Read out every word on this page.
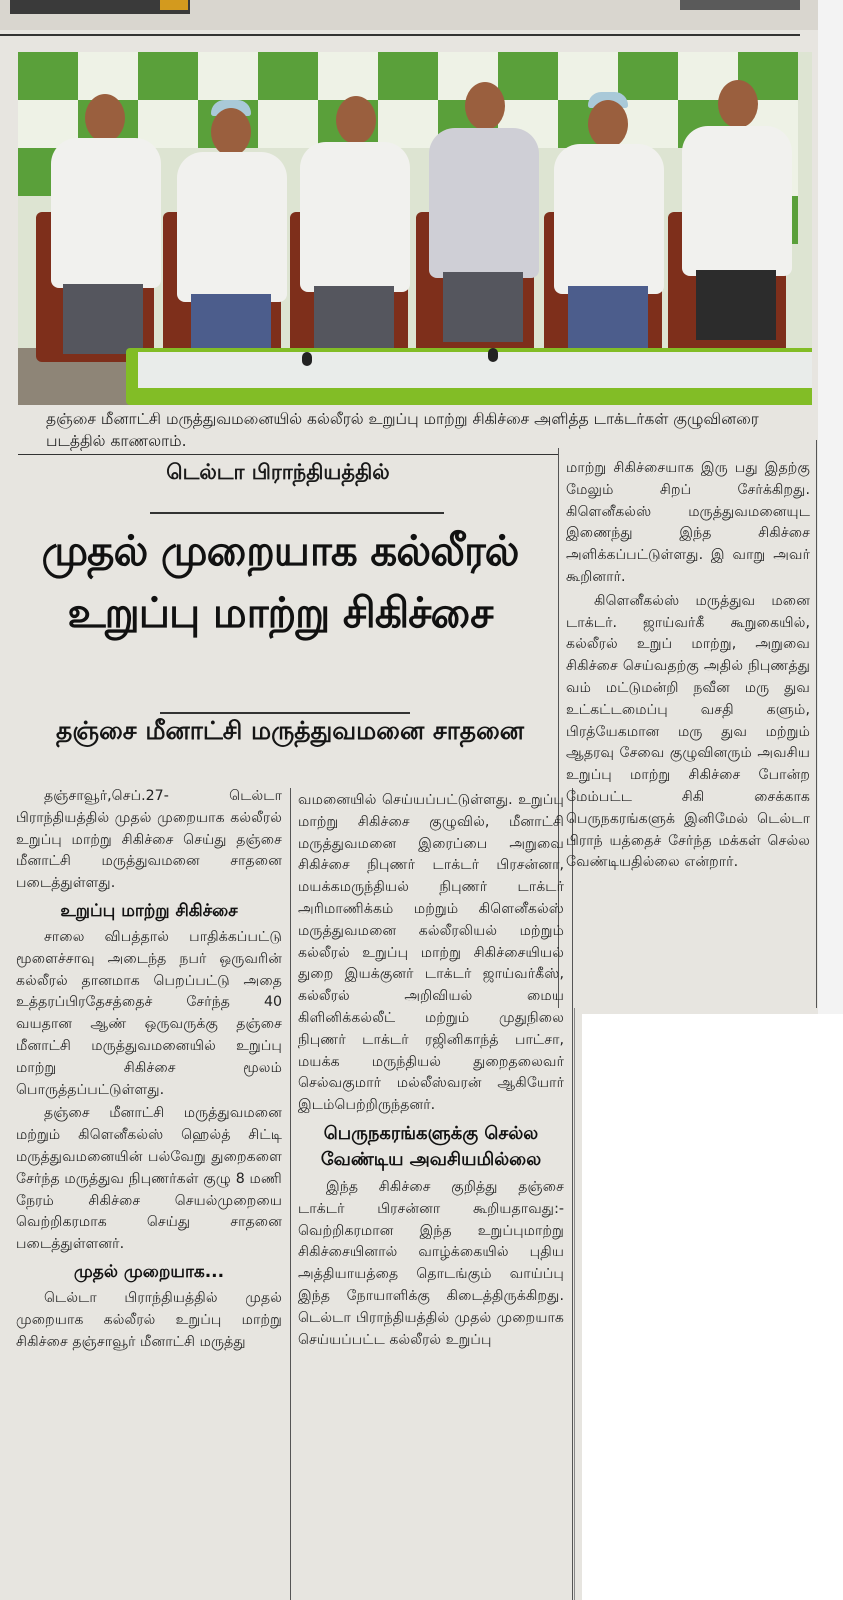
தஞ்சை மீனாட்சி மருத்துவமனையில் கல்லீரல் உறுப்பு மாற்று சிகிச்சை அளித்த டாக்டர்கள் குழுவினரை படத்தில் காணலாம்.
டெல்டா பிராந்தியத்தில்
முதல் முறையாக கல்லீரல்
உறுப்பு மாற்று சிகிச்சை
தஞ்சை மீனாட்சி மருத்துவமனை சாதனை

தஞ்சாவூர்,செப்.27- டெல்டா பிராந்தியத்தில் முதல் முறையாக கல்லீரல் உறுப்பு மாற்று சிகிச்சை செய்து தஞ்சை மீனாட்சி மருத்துவமனை சாதனை படைத்துள்ளது.

உறுப்பு மாற்று சிகிச்சை

சாலை விபத்தால் பாதிக்கப்பட்டு மூளைச்சாவு அடைந்த நபர் ஒருவரின் கல்லீரல் தானமாக பெறப்பட்டு அதை உத்தரப்பிரதேசத்தைச் சேர்ந்த 40 வயதான ஆண் ஒருவருக்கு தஞ்சை மீனாட்சி மருத்துவமனையில் உறுப்பு மாற்று சிகிச்சை மூலம் பொருத்தப்பட்டுள்ளது.

தஞ்சை மீனாட்சி மருத்துவமனை மற்றும் கிளெனீகல்ஸ் ஹெல்த் சிட்டி மருத்துவமனையின் பல்வேறு துறைகளை சேர்ந்த மருத்துவ நிபுணர்கள் குழு 8 மணி நேரம் சிகிச்சை செயல்முறையை வெற்றிகரமாக செய்து சாதனை படைத்துள்ளனர்.

முதல் முறையாக...

டெல்டா பிராந்தியத்தில் முதல் முறையாக கல்லீரல் உறுப்பு மாற்று சிகிச்சை தஞ்சாவூர் மீனாட்சி மருத்து

வமனையில் செய்யப்பட்டுள்ளது. உறுப்பு மாற்று சிகிச்சை குழுவில், மீனாட்சி மருத்துவமனை இரைப்பை அறுவை சிகிச்சை நிபுணர் டாக்டர் பிரசன்னா, மயக்கமருந்தியல் நிபுணர் டாக்டர் அரிமாணிக்கம் மற்றும் கிளெனீகல்ஸ் மருத்துவமனை கல்லீரலியல் மற்றும் கல்லீரல் உறுப்பு மாற்று சிகிச்சையியல் துறை இயக்குனர் டாக்டர் ஜாய்வர்கீஸ், கல்லீரல் அறிவியல் மைய கிளினிக்கல்லீட் மற்றும் முதுநிலை நிபுணர் டாக்டர் ரஜினிகாந்த் பாட்சா, மயக்க மருந்தியல் துறைதலைவர் செல்வகுமார் மல்லீஸ்வரன் ஆகியோர் இடம்பெற்றிருந்தனர்.

பெருநகரங்களுக்கு செல்ல வேண்டிய அவசியமில்லை

இந்த சிகிச்சை குறித்து தஞ்சை டாக்டர் பிரசன்னா கூறியதாவது:- வெற்றிகரமான இந்த உறுப்புமாற்று சிகிச்சையினால் வாழ்க்கையில் புதிய அத்தியாயத்தை தொடங்கும் வாய்ப்பு இந்த நோயாளிக்கு கிடைத்திருக்கிறது. டெல்டா பிராந்தியத்தில் முதல் முறையாக செய்யப்பட்ட கல்லீரல் உறுப்பு

மாற்று சிகிச்சையாக இரு பது இதற்கு மேலும் சிறப் சேர்க்கிறது. கிளெனீகல்ஸ் மருத்துவமனையுட இணைந்து இந்த சிகிச்சை அளிக்கப்பட்டுள்ளது. இ வாறு அவர் கூறினார்.

கிளெனீகல்ஸ் மருத்துவ மனை டாக்டர். ஜாய்வர்கீ கூறுகையில், கல்லீரல் உறுப் மாற்று, அறுவை சிகிச்சை செய்வதற்கு அதில் நிபுணத்து வம் மட்டுமன்றி நவீன மரு துவ உட்கட்டமைப்பு வசதி களும், பிரத்யேகமான மரு துவ மற்றும் ஆதரவு சேவை குழுவினரும் அவசிய உறுப்பு மாற்று சிகிச்சை போன்ற மேம்பட்ட சிகி சைக்காக பெருநகரங்களுக் இனிமேல் டெல்டா பிராந் யத்தைச் சேர்ந்த மக்கள் செல்ல வேண்டியதில்லை என்றார்.
